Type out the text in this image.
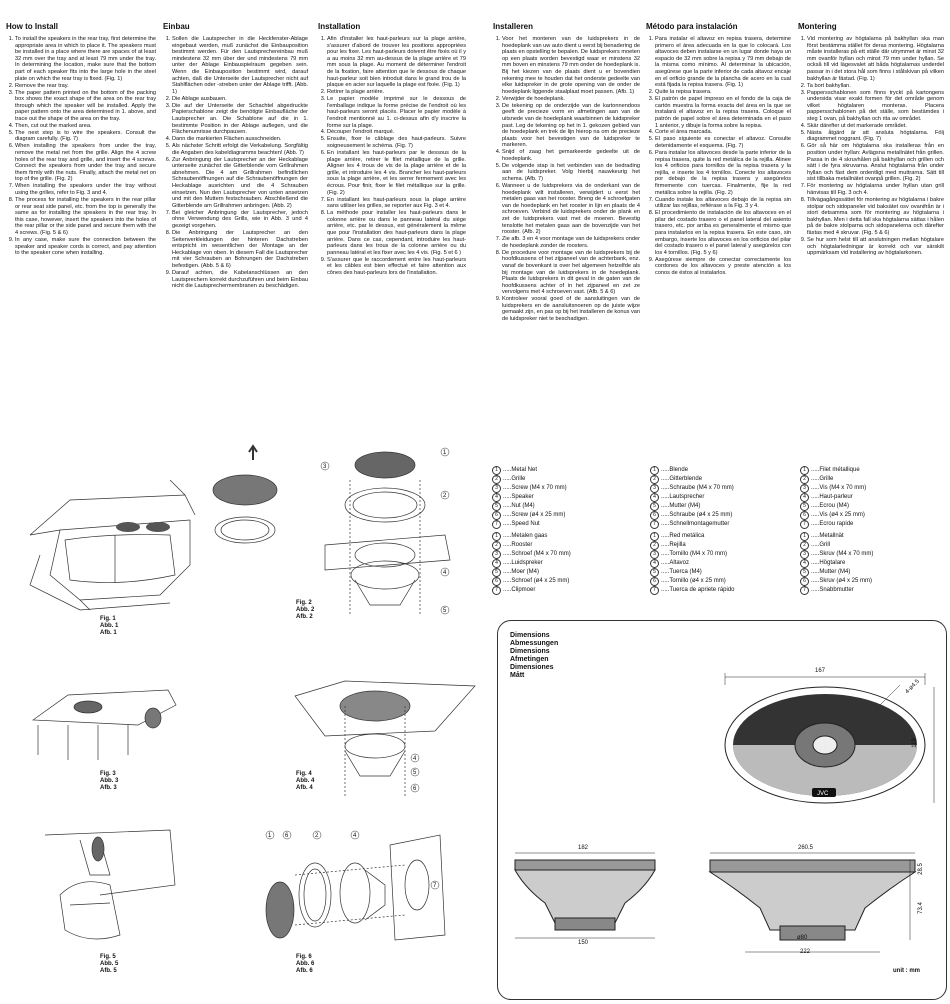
How to Install
1. To install the speakers in the rear tray, first determine the appropriate area in which to place it. The speakers must be installed in a place where there are spaces of at least 32 mm over the tray and at least 79 mm under the tray. In determining the location, make sure that the bottom part of each speaker fits into the large hole in the steel plate on which the rear tray is fixed. (Fig. 1)
2. Remove the rear tray.
3. The paper pattern printed on the bottom of the packing box shows the exact shape of the area on the rear tray through which the speaker will be installed. Apply the paper pattern onto the area determined in 1. above, and trace out the shape of the area on the tray.
4. Then, cut out the marked area.
5. The next step is to wire the speakers. Consult the diagram carefully. (Fig. 7)
6. When installing the speakers from under the tray, remove the metal net from the grille. Align the 4 screw holes of the rear tray and grille, and insert the 4 screws. Connect the speakers from under the tray and secure them firmly with the nuts. Finally, attach the metal net on top of the grille. (Fig. 2)
7. When installing the speakers under the tray without using the grilles, refer to Fig. 3 and 4.
8. The process for installing the speakers in the rear pillar or rear seat side panel, etc. from the top is generally the same as for installing the speakers in the rear tray. In this case, however, insert the speakers into the holes of the rear pillar or the side panel and secure them with the 4 screws. (Fig. 5 & 6)
9. In any case, make sure the connection between the speaker and speaker cords is correct, and pay attention to the speaker cone when installing.
Einbau
1. Sollen die Lautsprecher in die Heckfenster-Ablage eingebaut werden, muß zunächst die Einbauposition bestimmt werden. Für den Lautsprechereinbau muß mindestens 32 mm über der und mindestens 79 mm unter der Ablage Einbauspielraum gegeben sein. Wenn die Einbauposition bestimmt wird, darauf achten, daß die Unterseite der Lautsprecher nicht auf Stahlflächen oder -streben unter der Ablage trifft. (Abb. 1)
2. Die Ablage ausbauen.
3. Die auf der Unterseite der Schachtel abgedruckte Papierschablone zeigt die benötigte Einbaufläche der Lautsprecher an. Die Schablone auf die in 1. bestimmte Position in der Ablage auflegen, und die Flächenumrisse durchpausen.
4. Dann die markierten Flächen ausschneiden.
5. Als nächster Schritt erfolgt die Verkabelung. Sorgfältig die Angaben des kabeldiagramms beachten! (Abb. 7)
6. Zur Anbringung der Lautsprecher an der Heckablage unterseite zunächst die Gitterblende vom Grillrahmen abnehmen. Die 4 am Grillrahmen befindlichen Schraubenöffnungen auf die Schraubenöffnungen der Heckablage ausrichten und die 4 Schrauben einsetzen. Nun den Lautsprecher von unten ansetzen und mit den Muttern festschrauben. Abschließend die Gitterblende am Grillrahmen anbringen. (Abb. 2)
7. Bei gleicher Anbringung der Lautsprecher, jedoch ohne Verwendung des Grills, wie in Abb. 3 und 4 gezeigt vorgehen.
8. Die Anbringung der Lautsprecher an den Seitenverkleidungen der hinteren Dachstreben entspricht im wesentlichen der Montage an der Heckablage von oben. In diesem Fall die Lautsprecher mit vier Schrauben an Bohrungen der Dachstreben befestigen. (Abb. 5 & 6)
9. Darauf achten, die Kabelanschlüssen an den Lautsprechern korrekt durchzuführen und beim Einbau nicht die Lautsprechermembranen zu beschädigen.
Installation
1. Afin d'installer les haut-parleurs sur la plage arrière, s'assurer d'abord de trouver les positions appropriées pour les fixer. Les haut-parleurs doivent être fixés où il y a au moins 32 mm au-dessus de la plage arrière et 79 mm sous la plage. Au moment de déterminer l'endroit de la fixation, faire attention que le dessous de chaque haut-parleur soit bien introduit dans le grand trou de la plaque en acier sur laquelle la plage est fixée. (Fig. 1)
2. Retirer la plage arrière.
3. Le papier modèle imprimé sur le dessous de l'emballage indique la forme précise de l'endroit où les haut-parleurs seront placés. Placer le papier modèle à l'endroit mentionné au 1. ci-dessus afin d'y inscrire la forme sur la plage.
4. Découper l'endroit marqué.
5. Ensuite, fixer le câblage des haut-parleurs. Suivre soigneusement le schéma. (Fig. 7)
6. En installant les haut-parleurs par le dessous de la plage arrière, retirer le filet métallique de la grille. Aligner les 4 trous de vis de la plage arrière et de la grille, et introduire les 4 vis. Brancher les haut-parleurs sous la plage arrière, et les serrer fermement avec les écrous. Pour finir, fixer le filet métallique sur la grille. (Fig. 2)
7. En installant les haut-parleurs sous la plage arrière sans utiliser les grilles, se reporter aux Fig. 3 et 4.
8. La méthode pour installer les haut-parleurs dans le colonne arrière ou dans le panneau latéral du siège arrière, etc. par le dessus, est généralement la même que pour l'installation des haut-parleurs dans la plage arrière. Dans ce cas, cependant, introduire les haut-parleurs dans les trous de la colonne arrière ou du panneau latéral et les fixer avec les 4 vis. (Fig. 5 et 6 )
9. S'assurer que le raccordement entre les haut-parleurs et les câbles est bien effectué et faire attention aux cônes des haut-parleurs lors de l'installation.
Installeren
1. Voor het monteren van de luidsprekers in de hoedeplank van uw auto dient u eerst bij benadering de plaats en opstelling te bepalen. De luidsprekers moeten op een plaats worden bevestigd waar er minstens 32 mm boven en minstens 79 mm onder de hoedeplank is. Bij het kiezen van de plaats dient u er bovendien rekening mee te houden dat het onderste gedeelte van elke luidspreker in de grote opening van de onder de hoedeplank liggende staalplaat moet passen. (Afb. 1)
2. Verwijder de hoedeplank.
3. De tekening op de onderzijde van de kartonnendoos geeft de precieze vorm en afmetingen aan van de uitsnede van de hoedeplank waarbinnen de luidspreker past. Leg de tekening op het in 1. gekozen gebied van de hoedeplank en trek de lijn hierop na om de precieze plaats voor het bevestigen van de luidspreker te markeren.
4. Snijd of zaag het gemarkeerde gedeelte uit de hoedeplank.
5. De volgende stap is het verbinden van de bedrading aan de luidspreker. Volg hierbij nauwkeurig het schema. (Afb. 7)
6. Wanneer u de luidsprekers via de onderkant van de hoedeplank wilt installeren, verwijdert u eerst het metalen gaas van het rooster. Breng de 4 schroefgaten van de hoedeplank en het rooster in lijn en plaats de 4 schroeven. Verbind de luidsprekers onder de plank en zet de luidsprekers vast met de moeren. Bevestig tenslotte het metalen gaas aan de bovenzijde van het rooster. (Afb. 2)
7. Zie afb. 3 en 4 voor montage van de luidsprekers onder de hoedeplank zonder de roosters.
8. De procedure voor montage van de luidsprekers bij de hoofdkussens of het zijpaneel van de achterbank, enz. vanaf de bovenkant is over het algemeen hetzelfde als bij montage van de luidsprekers in de hoedeplank. Plaats de luidsprekers in dit geval in de gaten van de hoofdkussens achter of in het zijpaneel en zet ze vervolgens met 4 schroeven vast. (Afb. 5 & 6)
9. Kontroleer vooral goed of de aansluitingen van de luidsprekers en de aansluitsnoeren op de juiste wijze gemaakt zijn, en pas op bij het installeren de konus van de luidspreker niet te beschadigen.
Método para instalación
1. Para instalar el altavoz en repisa trasera, determine primero el área adecuada en la que lo colocará. Los altavoces deben instalarse en un lugar donde haya un espacio de 32 mm sobre la repisa y 79 mm debajo de la misma como mínimo. Al determinar la ubicación, asegúrese que la parte inferior de cada altavoz encaje en el orificio grande de la plancha de acero en la cual está fijada la repisa trasera. (Fig. 1)
2. Quite la repisa trasera.
3. El patrón de papel impreso en el fondo de la caja de cartón muestra la forma exacta del área en la que se instalará el altavoz en la repisa trasera. Coloque el patrón de papel sobre el área determinada en el paso 1 anterior, y dibuje la forma sobre la repisa.
4. Corte el área marcada.
5. El paso siguiente es conectar el altavoz. Consulte detenidamente el esquema. (Fig. 7)
6. Para instalar los altavoces desde la parte inferior de la repisa trasera, quite la red metálica de la rejilla. Alinee los 4 orificios para tornillos de la repisa trasera y la rejilla, e inserte los 4 tornillos. Conecte los altavoces por debajo de la repisa trasera y asegúrelos firmemente con tuercas. Finalmente, fije la red metálica sobre la rejilla. (Fig. 2)
7. Cuando instale los altavoces debajo de la repisa sin utilizar las rejillas, refiérase a la Fig. 3 y 4.
8. El procedimiento de instalación de los altavoces en el pilar del costado trasero o el panel lateral del asiento trasero, etc. por arriba es generalmente el mismo que para instalarlos en la repisa trasera. En este caso, sin embargo, inserte los altavoces en los orificios del pilar del costado trasero o el panel lateral y asegúrelos con los 4 tornillos. (Fig. 5 y 6)
9. Asegúrese siempre de conectar correctamente los cordones de los altavoces y preste atención a los conos de éstos al instalarlos.
Montering
1. Vid montering av högtalarna på bakhyllan ska man först bestämma stället för deras montering. Högtalarna måste installeras på ett ställe där utrymmet är minst 32 mm ovanför hyllan och minst 79 mm under hyllan. Se också till vid lägesvalet att båda högtalarnas underdel passar in i det stora hål som finns i stålskivan på vilken bakhyllan är fästad. (Fig. 1)
2. Ta bort bakhyllan.
3. Pappersschablonen som finns tryckt på kartongens undersida visar exakt formen för det område genom vilket högtalaren monteras. Placera pappersschablonen på det ställe, som bestämdes i steg 1 ovan, på bakhyllan och rita av området.
4. Skär därefter ut det markerade området.
5. Nästa åtgärd är att ansluta högtalarna. Följ diagrammet noggrant. (Fig. 7)
6. Gör så här om högtalarna ska installeras från en position under hyllan: Avlägsna metallnätet från grillen. Passa in de 4 skruvhålen på bakhyllan och grillen och sätt i de fyra skruvarna. Anslut högtalarna från under hyllan och fäst dem ordentligt med muttrarna. Sätt till sist tillbaka metallnätet ovanpå grillen. (Fig. 2)
7. För montering av högtalarna under hyllan utan grill hänvisas till Fig. 3 och 4.
8. Tillvägagångssättet för montering av högtalarna i bakre stolpar och sidopaneler vid baksätet osv ovanifrån är i stort detsamma som för montering av högtalarna i bakhyllan. Men i detta fall ska högtalarna sättas i hålen på de bakre stolparna och sidopanelerna och därefter fästas med 4 skruvar. (Fig. 5 & 6)
9. Se hur som helst till att anslutningen mellan högtalare och högtalarledningar är korrekt och var särskilt uppmärksam vid installering av högtalarkonen.
Fig. 1
Abb. 1
Afb. 1
3
1
2
4
5
Fig. 2
Abb. 2
Afb. 2
Fig. 3
Abb. 3
Afb. 3
4
5
6
Fig. 4
Abb. 4
Afb. 4
Fig. 5
Abb. 5
Afb. 5
1 6	2	4
7
Fig. 6
Abb. 6
Afb. 6
1 ..... Metal Net
2 ..... Grille
3 ..... Screw (M4 x 70 mm)
4 ..... Speaker
5 ..... Nut (M4)
6 ..... Screw (ø4 x 25 mm)
7 ..... Speed Nut
1 ..... Blende
2 ..... Gitterblende
3 ..... Schraube (M4 x 70 mm)
4 ..... Lautsprecher
5 ..... Mutter (M4)
6 ..... Schraube (ø4 x 25 mm)
7 ..... Schnellmontagemutter
1 ..... Filet métallique
2 ..... Grille
3 ..... Vis (M4 x 70 mm)
4 ..... Haut-parleur
5 ..... Ecrou (M4)
6 ..... Vis (ø4 x 25 mm)
7 ..... Ecrou rapide
1 ..... Metalen gaas
2 ..... Rooster
3 ..... Schroef (M4 x 70 mm)
4 ..... Luidspreker
5 ..... Moer (M4)
6 ..... Schroef (ø4 x 25 mm)
7 ..... Clipmoer
1 ..... Red metálica
2 ..... Rejilla
3 ..... Tornillo (M4 x 70 mm)
4 ..... Altavoz
5 ..... Tuerca (M4)
6 ..... Tornillo (ø4 x 25 mm)
7 ..... Tuerca de apriete rápido
1 ..... Metallnät
2 ..... Grill
3 ..... Skruv (M4 x 70 mm)
4 ..... Högtalare
5 ..... Mutter (M4)
6 ..... Skruv (ø4 x 25 mm)
7 ..... Snabbmutter
Dimensions
Abmessungen
Dimensions
Afmetingen
Dimensiones
Mått
JVC
167
119
4-ø4.5
182
150
260.5
ø80
222
28.5
73.4
unit : mm
